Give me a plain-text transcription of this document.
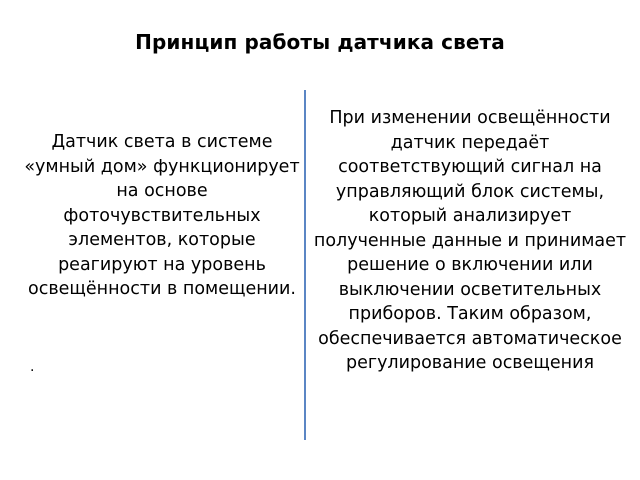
Принцип работы датчика света
Датчик света в системе «умный дом» функционирует на основе фоточувствительных элементов, которые реагируют на уровень освещённости в помещении.
.
При изменении освещённости датчик передаёт соответствующий сигнал на управляющий блок системы, который анализирует полученные данные и принимает решение о включении или выключении осветительных приборов. Таким образом, обеспечивается автоматическое регулирование освещения
